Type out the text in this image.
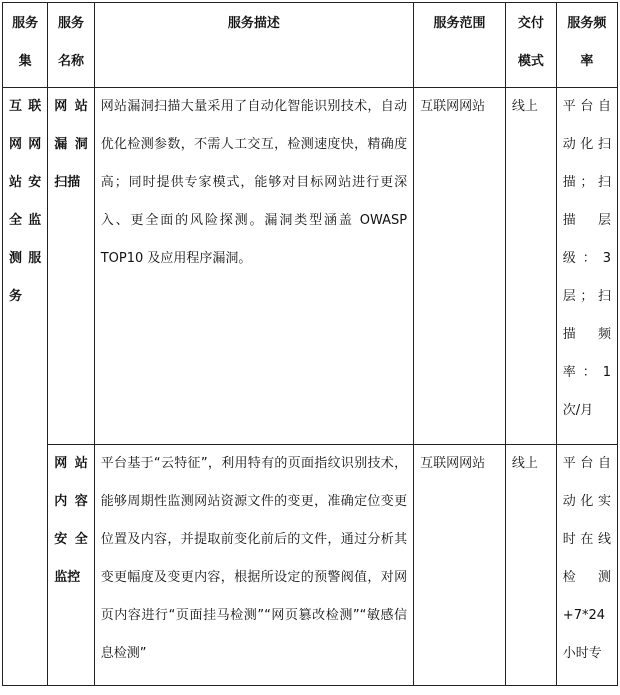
服务集	服务名称	服务描述	服务范围	交付模式	服务频率
互联网网站安全监测服务	网站漏洞扫描	网站漏洞扫描大量采用了自动化智能识别技术，自动优化检测参数，不需人工交互，检测速度快，精确度高；同时提供专家模式，能够对目标网站进行更深入、更全面的风险探测。漏洞类型涵盖 OWASP TOP10 及应用程序漏洞。	互联网网站	线上	平台自动化扫描；扫描层级：3层；扫描频率：1次/月
	网站内容安全监控	平台基于“云特征”，利用特有的页面指纹识别技术，能够周期性监测网站资源文件的变更，准确定位变更位置及内容，并提取前变化前后的文件，通过分析其变更幅度及变更内容，根据所设定的预警阀值，对网页内容进行“页面挂马检测”“网页篡改检测”“敏感信息检测”	互联网网站	线上	平台自动化实时在线检测+7*24小时专
